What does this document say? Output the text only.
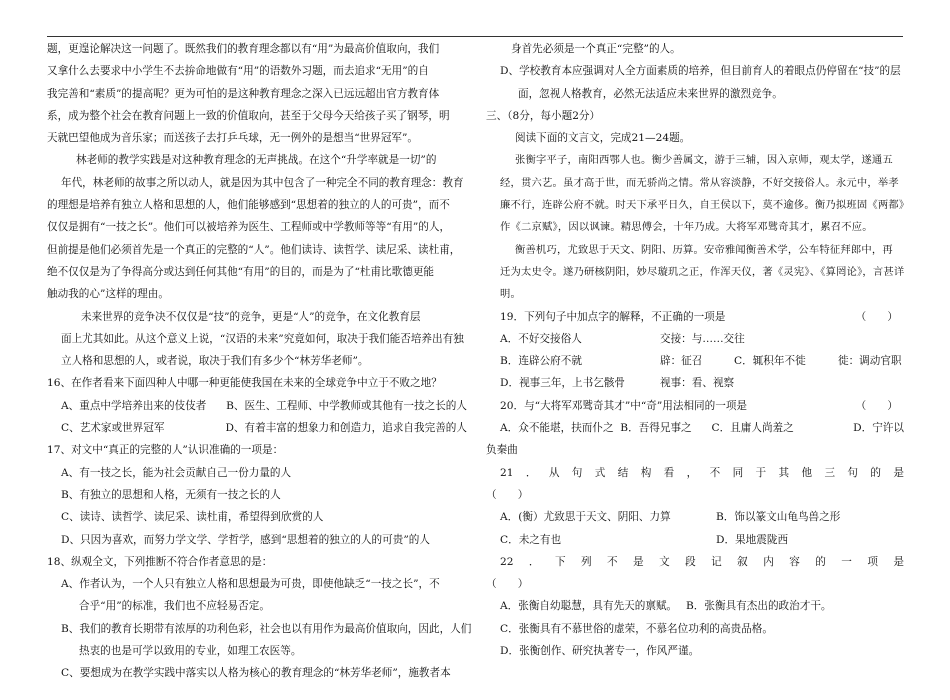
题，更遑论解决这一问题了。既然我们的教育理念都以有“用”为最高价值取向，我们
又拿什么去要求中小学生不去拚命地做有“用”的语数外习题，而去追求“无用”的自
我完善和“素质”的提高呢？更为可怕的是这种教育理念之深入已远远超出官方教育体
系，成为整个社会在教育问题上一致的价值取向，甚至于父母今天给孩子买了钢琴，明
天就巴望他成为音乐家；而送孩子去打乒乓球，无一例外的是想当“世界冠军”。
林老师的教学实践是对这种教育理念的无声挑战。在这个“升学率就是一切”的
年代，林老师的故事之所以动人，就是因为其中包含了一种完全不同的教育理念：教育
的理想是培养有独立人格和思想的人，他们能够感到“思想着的独立的人的可贵”，而不
仅仅是拥有“一技之长”。他们可以被培养为医生、工程师或中学教师等等“有用”的人，
但前提是他们必须首先是一个真正的完整的“人”。他们读诗、读哲学、读尼采、读杜甫，
绝不仅仅是为了争得高分或达到任何其他“有用”的目的，而是为了“杜甫比歌德更能
触动我的心”这样的理由。
未来世界的竞争决不仅仅是“技”的竞争，更是“人”的竞争，在文化教育层
面上尤其如此。从这个意义上说，“汉语的未来”究竟如何，取决于我们能否培养出有独
立人格和思想的人，或者说，取决于我们有多少个“林芳华老师”。
16、在作者看来下面四种人中哪一种更能使我国在未来的全球竞争中立于不败之地？
A、重点中学培养出来的伎伎者	B、医生、工程师、中学教师或其他有一技之长的人
C、艺术家或世界冠军	D、有着丰富的想象力和创造力，追求自我完善的人
17、对文中“真正的完整的人”认识准确的一项是：
A、有一技之长，能为社会贡献自己一份力量的人
B、有独立的思想和人格，无须有一技之长的人
C、读诗、读哲学、读尼采、读杜甫，希望得到欣赏的人
D、只因为喜欢，而努力学文学、学哲学，感到“思想着的独立的人的可贵”的人
18、纵观全文，下列推断不符合作者意思的是：
A、作者认为，一个人只有独立人格和思想最为可贵，即使他缺乏“一技之长”，不
合乎“用”的标准，我们也不应轻易否定。
B、我们的教育长期带有浓厚的功利色彩，社会也以有用作为最高价值取向，因此，人们
热衷的也是可学以致用的专业，如理工农医等。
C、要想成为在教学实践中落实以人格为核心的教育理念的“林芳华老师”，施教者本
身首先必须是一个真正“完整”的人。
D、学校教育本应强调对人全方面素质的培养，但目前育人的着眼点仍停留在“技”的层
面，忽视人格教育，必然无法适应未来世界的激烈竞争。
三、（8分，每小题2分）
阅读下面的文言文，完成21—24题。
张衡字平子，南阳西鄂人也。衡少善属文，游于三辅，因入京师，观太学，遂通五
经，贯六艺。虽才高于世，而无骄尚之情。常从容淡静，不好交接俗人。永元中，举孝
廉不行，连辟公府不就。时天下承平日久，自王侯以下，莫不逾侈。衡乃拟班固《两都》
作《二京赋》，因以讽谏。精思傅会，十年乃成。大将军邓骘奇其才，累召不应。
衡善机巧，尤致思于天文、阴阳、历算。安帝雅闻衡善术学，公车特征拜郎中，再
迁为太史令。遂乃研核阴阳，妙尽璇玑之正，作浑天仪，著《灵宪》、《算罔论》，言甚详
明。
19．下列句子中加点字的解释，不正确的一项是	（　　）
A．不好交接俗人	交接：与……交往
B．连辟公府不就	辟：征召	C．辄积年不徙	徙：调动官职
D．视事三年，上书乞骸骨	视事：看、视察
20．与“大将军邓骘奇其才”中“奇”用法相同的一项是	（　　）
A．众不能堪，扶而仆之 B．吾得兄事之	C．且庸人尚羞之	D．宁许以
负秦曲
21 ． 从 句 式 结 构 看 ， 不 同 于 其 他 三 句 的 是
（　　）
A．(衡）尤致思于天文、阴阳、力算	B．饰以篆文山龟鸟兽之形
C．未之有也	D．果地震陇西
22 ． 下 列 不 是 文 段 记 叙 内 容 的 一 项 是
（　　）
A．张衡自幼聪慧，具有先天的禀赋。 B．张衡具有杰出的政治才干。
C．张衡具有不慕世俗的虚荣，不慕名位功利的高贵品格。
D．张衡创作、研究执著专一，作风严谨。
